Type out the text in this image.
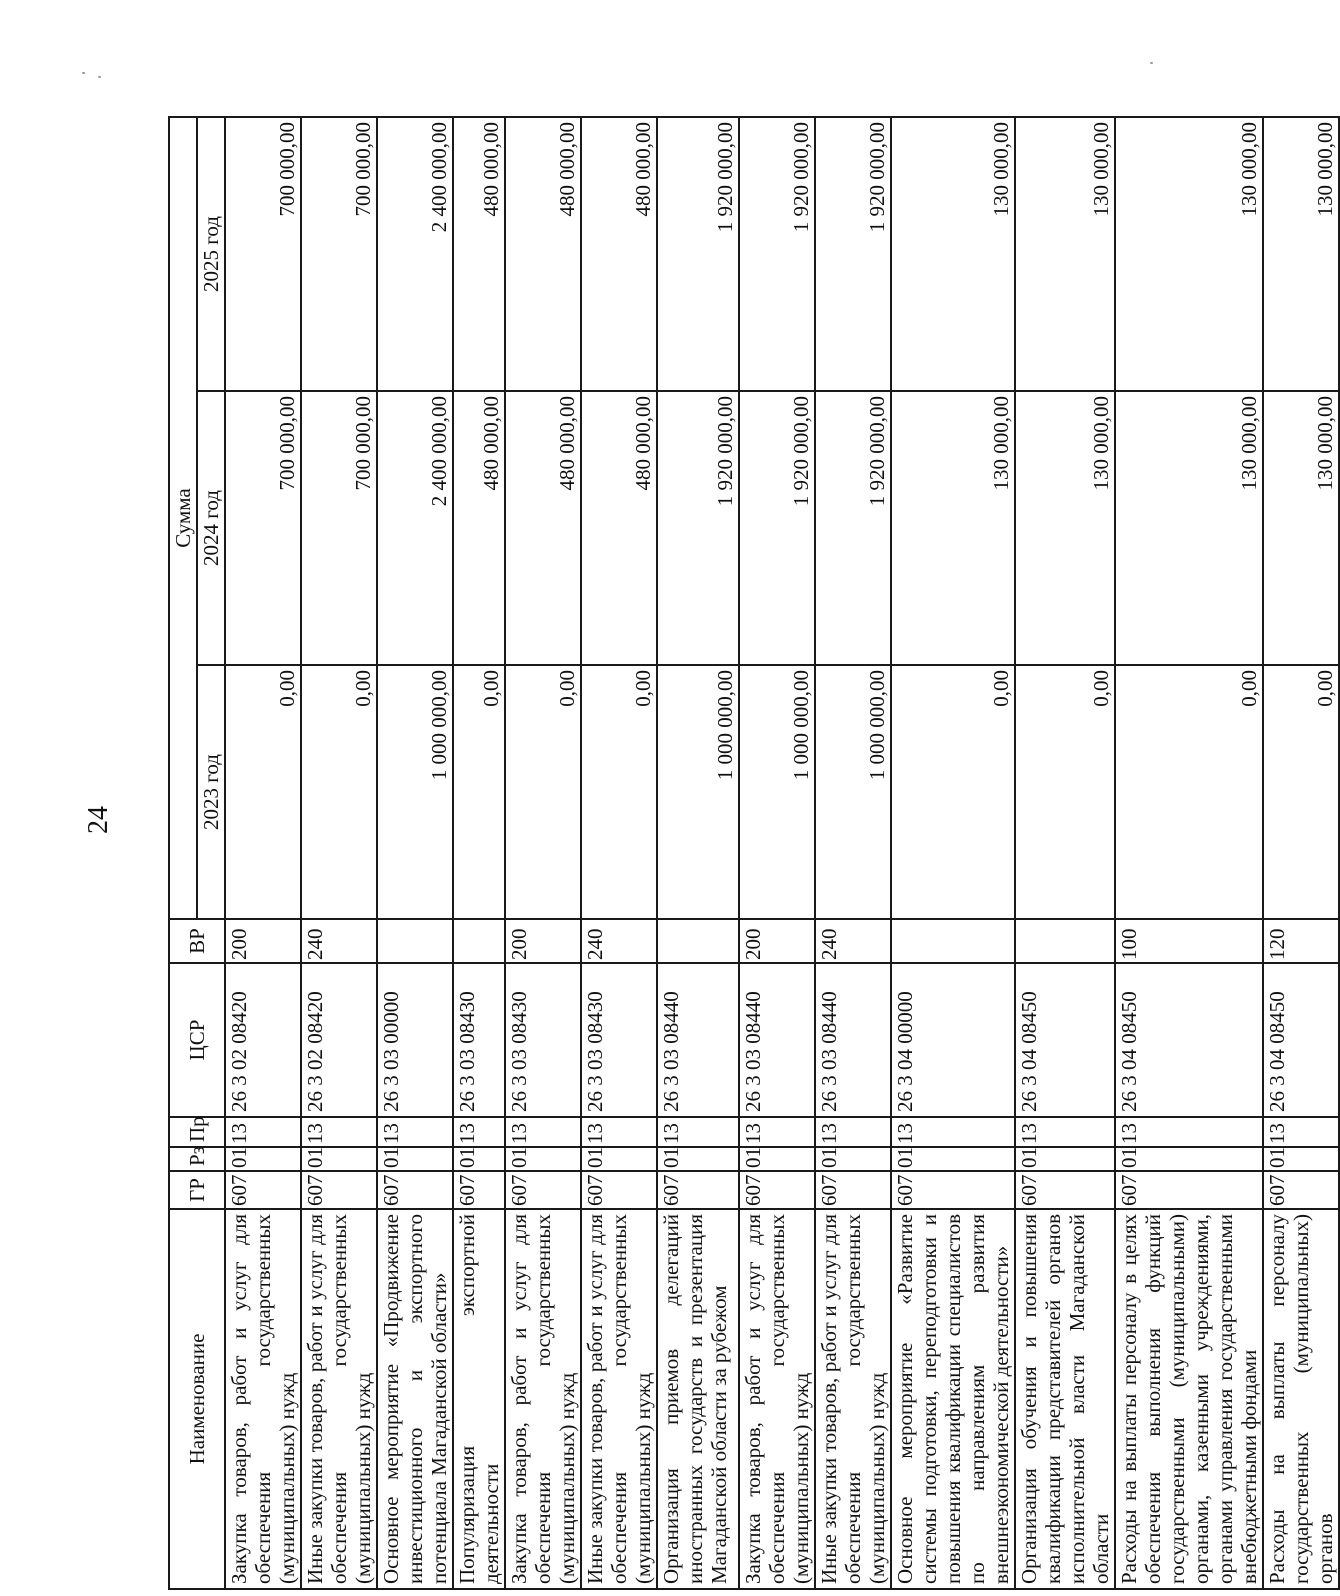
24
Наименование	ГР	Рз	Пр	ЦСР	ВР	Сумма		
						2023 год	2024 год	2025 год
Закупка товаров, работ и услуг для обеспечения государственных (муниципальных) нужд	607	01	13	26 3 02 08420	200	0,00	700 000,00	700 000,00
Иные закупки товаров, работ и услуг для обеспечения государственных (муниципальных) нужд	607	01	13	26 3 02 08420	240	0,00	700 000,00	700 000,00
Основное мероприятие «Продвижение инвестиционного и экспортного потенциала Магаданской области»	607	01	13	26 3 03 00000		1 000 000,00	2 400 000,00	2 400 000,00
Популяризация экспортной деятельности	607	01	13	26 3 03 08430		0,00	480 000,00	480 000,00
Закупка товаров, работ и услуг для обеспечения государственных (муниципальных) нужд	607	01	13	26 3 03 08430	200	0,00	480 000,00	480 000,00
Иные закупки товаров, работ и услуг для обеспечения государственных (муниципальных) нужд	607	01	13	26 3 03 08430	240	0,00	480 000,00	480 000,00
Организация приемов делегаций иностранных государств и презентация Магаданской области за рубежом	607	01	13	26 3 03 08440		1 000 000,00	1 920 000,00	1 920 000,00
Закупка товаров, работ и услуг для обеспечения государственных (муниципальных) нужд	607	01	13	26 3 03 08440	200	1 000 000,00	1 920 000,00	1 920 000,00
Иные закупки товаров, работ и услуг для обеспечения государственных (муниципальных) нужд	607	01	13	26 3 03 08440	240	1 000 000,00	1 920 000,00	1 920 000,00
Основное мероприятие «Развитие системы подготовки, переподготовки и повышения квалификации специалистов по направлениям развития внешнеэкономической деятельности»	607	01	13	26 3 04 00000		0,00	130 000,00	130 000,00
Организация обучения и повышения квалификации представителей органов исполнительной власти Магаданской области	607	01	13	26 3 04 08450		0,00	130 000,00	130 000,00
Расходы на выплаты персоналу в целях обеспечения выполнения функций государственными (муниципальными) органами, казенными учреждениями, органами управления государственными внебюджетными фондами	607	01	13	26 3 04 08450	100	0,00	130 000,00	130 000,00
Расходы на выплаты персоналу государственных (муниципальных) органов	607	01	13	26 3 04 08450	120	0,00	130 000,00	130 000,00
